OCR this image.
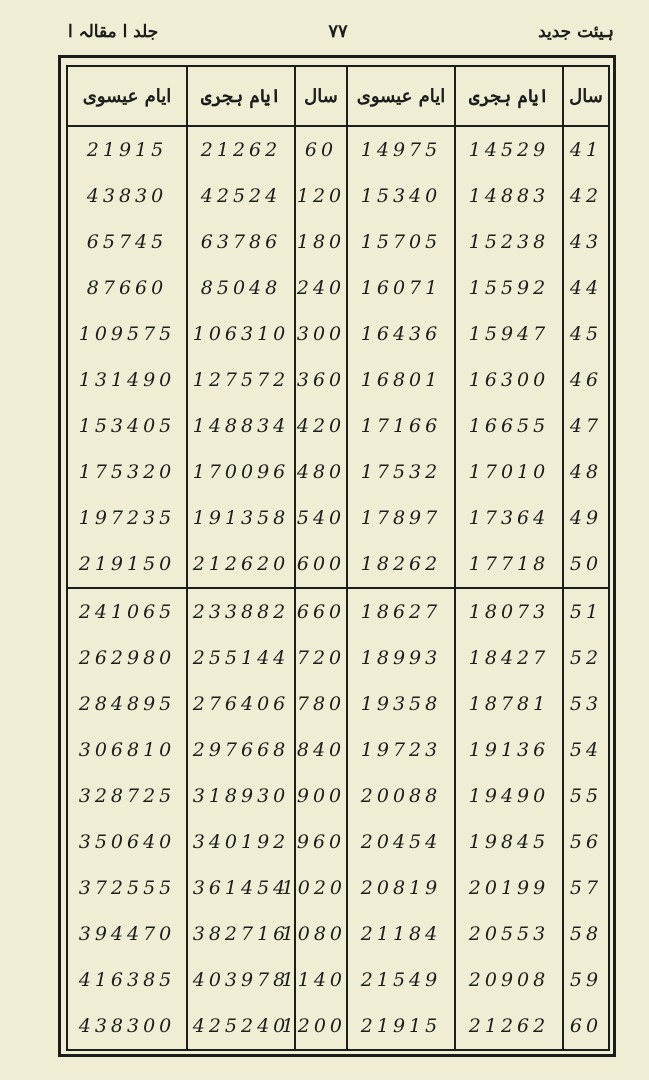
جلد ا مقالہ ا	٧٧	ہیئت جدید
سال	ایام ہجری	ایام عیسوی	سال	ایام ہجری	ایام عیسوی
41	14529	14975	60	21262	21915
42	14883	15340	120	42524	43830
43	15238	15705	180	63786	65745
44	15592	16071	240	85048	87660
45	15947	16436	300	106310	109575
46	16300	16801	360	127572	131490
47	16655	17166	420	148834	153405
48	17010	17532	480	170096	175320
49	17364	17897	540	191358	197235
50	17718	18262	600	212620	219150
51	18073	18627	660	233882	241065
52	18427	18993	720	255144	262980
53	18781	19358	780	276406	284895
54	19136	19723	840	297668	306810
55	19490	20088	900	318930	328725
56	19845	20454	960	340192	350640
57	20199	20819	1020	361454	372555
58	20553	21184	1080	382716	394470
59	20908	21549	1140	403978	416385
60	21262	21915	1200	425240	438300
